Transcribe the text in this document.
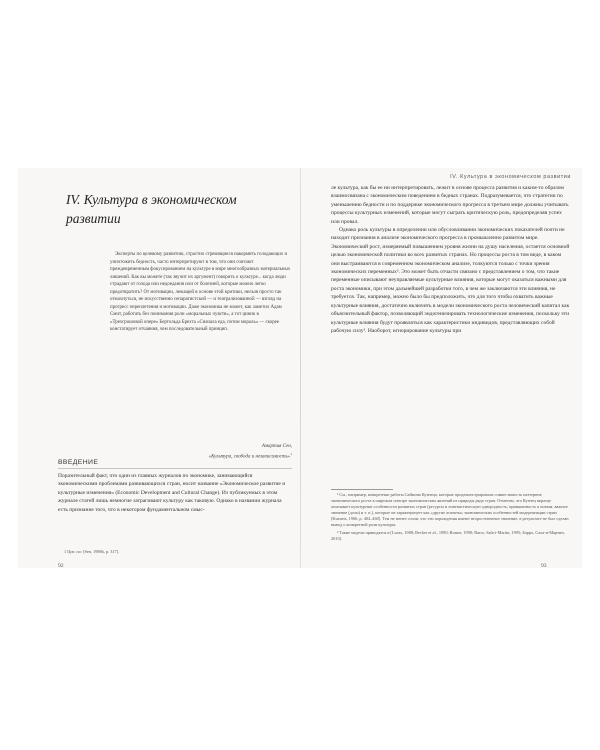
IV. Культура в экономическом развитии

Эксперты по целевому развитию, страстно стремящиеся накормить голодающих и уничтожить бедность, часто интерпретируют в том, что они считают преждевременным фокусированием на культуре в мире многообразных материальных лишений. Как вы можете (так звучит их аргумент) говорить о культуре... когда люди страдают от голода или недоедания или от болезней, которые можно легко предотвратить? От мотивации, лежащей в основе этой критики, нельзя просто так отмахнуться, не искусственно сепаратистской — и театрализованной — взгляд на прогресс переплетения и мотивации. Даже экономика не может, как заметил Адам Смит, работать без понимания роли «моральных чувств», а тот циник в «Трехгрошовой опере» Бертольда Брехта «Сначала еда, потом мораль» — скорее констатирует отчаяния, чем последовательный принцип.

Амартия Сен,
«Культура, свобода и независимость»$^1$
ВВЕДЕНИЕ

Поразительный факт, что один из главных журналов по экономике, занимающийся экономическими проблемами развивающихся стран, носит название «Экономическое развитие и культурные изменения» (Economic Development and Cultural Change). Из публикуемых в этом журнале статей лишь немногие затрагивают культуру как таковую. Однако в названии журнала есть признание того, что в некотором фундаментальном смыс-

1 Цит. по: [Sen, 1988b, p. 317].

92
IV. Культура в экономическом развитии

ле культура, как бы ее ни интерпретировать, лежит в основе процесса развития и каким-то образом взаимосвязана с экономическим поведением в бедных странах. Подразумевается, что стратегии по уменьшению бедности и по поддержке экономического прогресса в третьем мире должны учитывать процессы культурных изменений, которые могут сыграть критическую роль, предопределяя успех или провал.

Однако роль культуры в определении или обусловливании экономических показателей почти не находит признания в анализе экономического прогресса в промышленно развитом мире. Экономический рост, измеряемый повышением уровня жизни на душу населения, остается основной целью экономической политики во всех развитых странах. Но процессы роста в том виде, в каком они выстраиваются в современном экономическом анализе, толкуются только с точки зрения экономических переменных². Это может быть отчасти связано с представлением о том, что такие переменные описывают неуправляемые культурные влияния, которые могут оказаться важными для роста экономики, при этом дальнейшей разработки того, в чем же заключаются эти влияния, не требуется. Так, например, можно было бы предположить, что для того чтобы охватить важные культурные влияния, достаточно включить в модели экономического роста человеческий капитал как объяснительный фактор, позволяющий эндогенизировать технологические изменения, поскольку эти культурные влияния будут проявляться как характеристики индивидов, представляющих собой рабочую силу³. Наоборот, игнорирование культуры при

¹ См., например, конкретные работы Саймона Кузнеца, которые продемонстрировали совместимость паттернов экономического роста в широком спектре экономических явлений из природы ряда стран. Отметим, что Кузнец вкратце описывает культурные особенности развитых стран (ресурсы и лингвистическую однородность, привязанность к новым, важное значение (доли) и т. п.), которые он характеризует как «другие аспекты» экономических особенностей модернизации стран [Kuznets, 1966, p. 404–460]. Тем не менее сочли, что эти порождения имеют второстепенное значение, в результате не был сделан вывод о конкретной роли культуры.

² Такие модели приводятся в [Lucas, 1988; Becker et al., 1990; Romer, 1990; Barro, Sala-i-Martin, 1995; Барро, Сала-и-Мартин, 2010].

93
